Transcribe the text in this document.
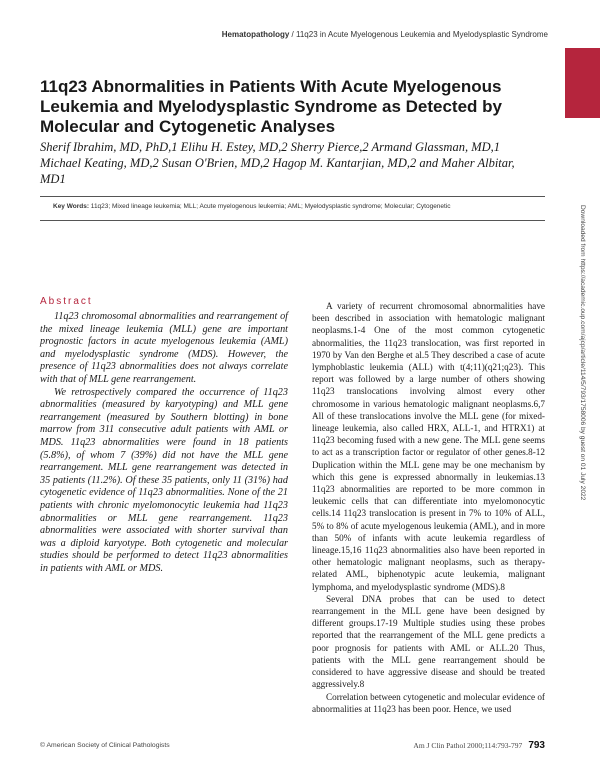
Hematopathology / 11q23 in Acute Myelogenous Leukemia and Myelodysplastic Syndrome
11q23 Abnormalities in Patients With Acute Myelogenous Leukemia and Myelodysplastic Syndrome as Detected by Molecular and Cytogenetic Analyses
Sherif Ibrahim, MD, PhD,1 Elihu H. Estey, MD,2 Sherry Pierce,2 Armand Glassman, MD,1 Michael Keating, MD,2 Susan O'Brien, MD,2 Hagop M. Kantarjian, MD,2 and Maher Albitar, MD1
Key Words: 11q23; Mixed lineage leukemia; MLL; Acute myelogenous leukemia; AML; Myelodysplastic syndrome; Molecular; Cytogenetic	Downloaded from https://academic.oup.com/ajcp/article/114/5/793/1758006 by guest on 01 July 2022
Abstract

11q23 chromosomal abnormalities and rearrangement of the mixed lineage leukemia (MLL) gene are important prognostic factors in acute myelogenous leukemia (AML) and myelodysplastic syndrome (MDS). However, the presence of 11q23 abnormalities does not always correlate with that of MLL gene rearrangement.

We retrospectively compared the occurrence of 11q23 abnormalities (measured by karyotyping) and MLL gene rearrangement (measured by Southern blotting) in bone marrow from 311 consecutive adult patients with AML or MDS. 11q23 abnormalities were found in 18 patients (5.8%), of whom 7 (39%) did not have the MLL gene rearrangement. MLL gene rearrangement was detected in 35 patients (11.2%). Of these 35 patients, only 11 (31%) had cytogenetic evidence of 11q23 abnormalities. None of the 21 patients with chronic myelomonocytic leukemia had 11q23 abnormalities or MLL gene rearrangement. 11q23 abnormalities were associated with shorter survival than was a diploid karyotype. Both cytogenetic and molecular studies should be performed to detect 11q23 abnormalities in patients with AML or MDS.

A variety of recurrent chromosomal abnormalities have been described in association with hematologic malignant neoplasms.1-4 One of the most common cytogenetic abnormalities, the 11q23 translocation, was first reported in 1970 by Van den Berghe et al.5 They described a case of acute lymphoblastic leukemia (ALL) with t(4;11)(q21;q23). This report was followed by a large number of others showing 11q23 translocations involving almost every other chromosome in various hematologic malignant neoplasms.6,7 All of these translocations involve the MLL gene (for mixed-lineage leukemia, also called HRX, ALL-1, and HTRX1) at 11q23 becoming fused with a new gene. The MLL gene seems to act as a transcription factor or regulator of other genes.8-12 Duplication within the MLL gene may be one mechanism by which this gene is expressed abnormally in leukemias.13 11q23 abnormalities are reported to be more common in leukemic cells that can differentiate into myelomonocytic cells.14 11q23 translocation is present in 7% to 10% of ALL, 5% to 8% of acute myelogenous leukemia (AML), and in more than 50% of infants with acute leukemia regardless of lineage.15,16 11q23 abnormalities also have been reported in other hematologic malignant neoplasms, such as therapy-related AML, biphenotypic acute leukemia, malignant lymphoma, and myelodysplastic syndrome (MDS).8

Several DNA probes that can be used to detect rearrangement in the MLL gene have been designed by different groups.17-19 Multiple studies using these probes reported that the rearrangement of the MLL gene predicts a poor prognosis for patients with AML or ALL.20 Thus, patients with the MLL gene rearrangement should be considered to have aggressive disease and should be treated aggressively.8

Correlation between cytogenetic and molecular evidence of abnormalities at 11q23 has been poor. Hence, we used

© American Society of Clinical Pathologists	Am J Clin Pathol 2000;114:793-797 793
